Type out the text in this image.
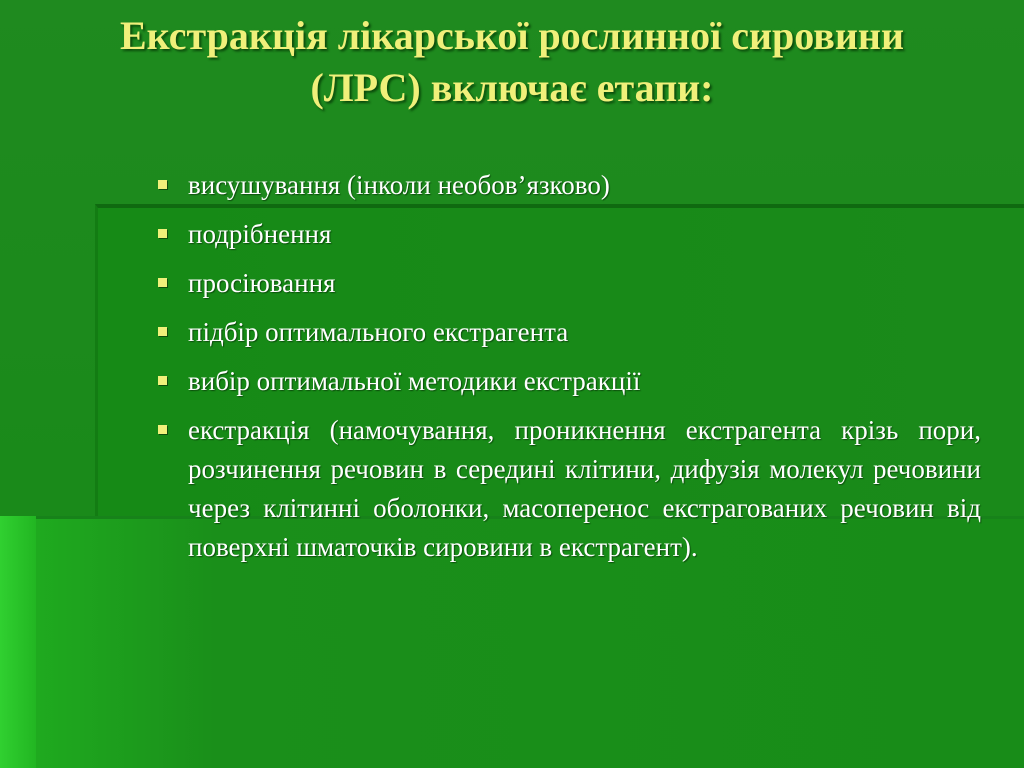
Екстракція лікарської рослинної сировини
(ЛРС) включає етапи:
висушування (інколи необов’язково)
подрібнення
просіювання
підбір оптимального екстрагента
вибір оптимальної методики екстракції
екстракція (намочування, проникнення екстрагента крізь пори, розчинення речовин в середині клітини, дифузія молекул речовини через клітинні оболонки, масоперенос екстрагованих речовин від поверхні шматочків сировини в екстрагент).
